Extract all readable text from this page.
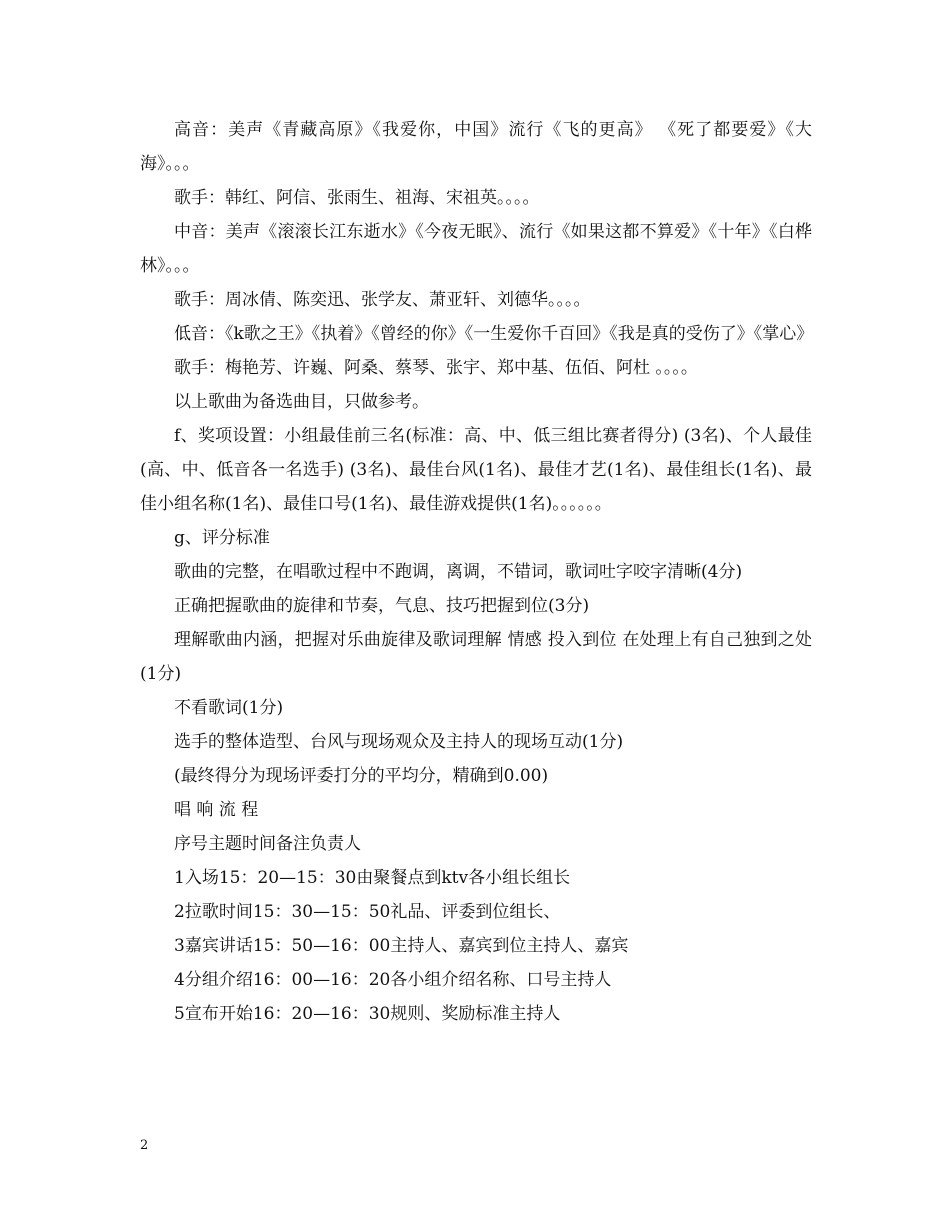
高音：美声《青藏高原》《我爱你，中国》流行《飞的更高》 《死了都要爱》《大海》。。。

歌手：韩红、阿信、张雨生、祖海、宋祖英。。。。

中音：美声《滚滚长江东逝水》《今夜无眠》、流行《如果这都不算爱》《十年》《白桦林》。。。

歌手：周冰倩、陈奕迅、张学友、萧亚轩、刘德华。。。。

低音：《k歌之王》《执着》《曾经的你》《一生爱你千百回》《我是真的受伤了》《掌心》

歌手：梅艳芳、许巍、阿桑、蔡琴、张宇、郑中基、伍佰、阿杜 。。。。

以上歌曲为备选曲目，只做参考。

f、奖项设置：小组最佳前三名(标准：高、中、低三组比赛者得分) (3名)、个人最佳(高、中、低音各一名选手) (3名)、最佳台风(1名)、最佳才艺(1名)、最佳组长(1名)、最佳小组名称(1名)、最佳口号(1名)、最佳游戏提供(1名)。。。。。。

g、评分标准

歌曲的完整，在唱歌过程中不跑调，离调，不错词，歌词吐字咬字清晰(4分)

正确把握歌曲的旋律和节奏，气息、技巧把握到位(3分)

理解歌曲内涵，把握对乐曲旋律及歌词理解 情感 投入到位 在处理上有自己独到之处(1分)

不看歌词(1分)

选手的整体造型、台风与现场观众及主持人的现场互动(1分)

(最终得分为现场评委打分的平均分，精确到0.00)

唱 响 流 程

序号主题时间备注负责人

1入场15：20—15：30由聚餐点到ktv各小组长组长

2拉歌时间15：30—15：50礼品、评委到位组长、

3嘉宾讲话15：50—16：00主持人、嘉宾到位主持人、嘉宾

4分组介绍16：00—16：20各小组介绍名称、口号主持人

5宣布开始16：20—16：30规则、奖励标准主持人

2
